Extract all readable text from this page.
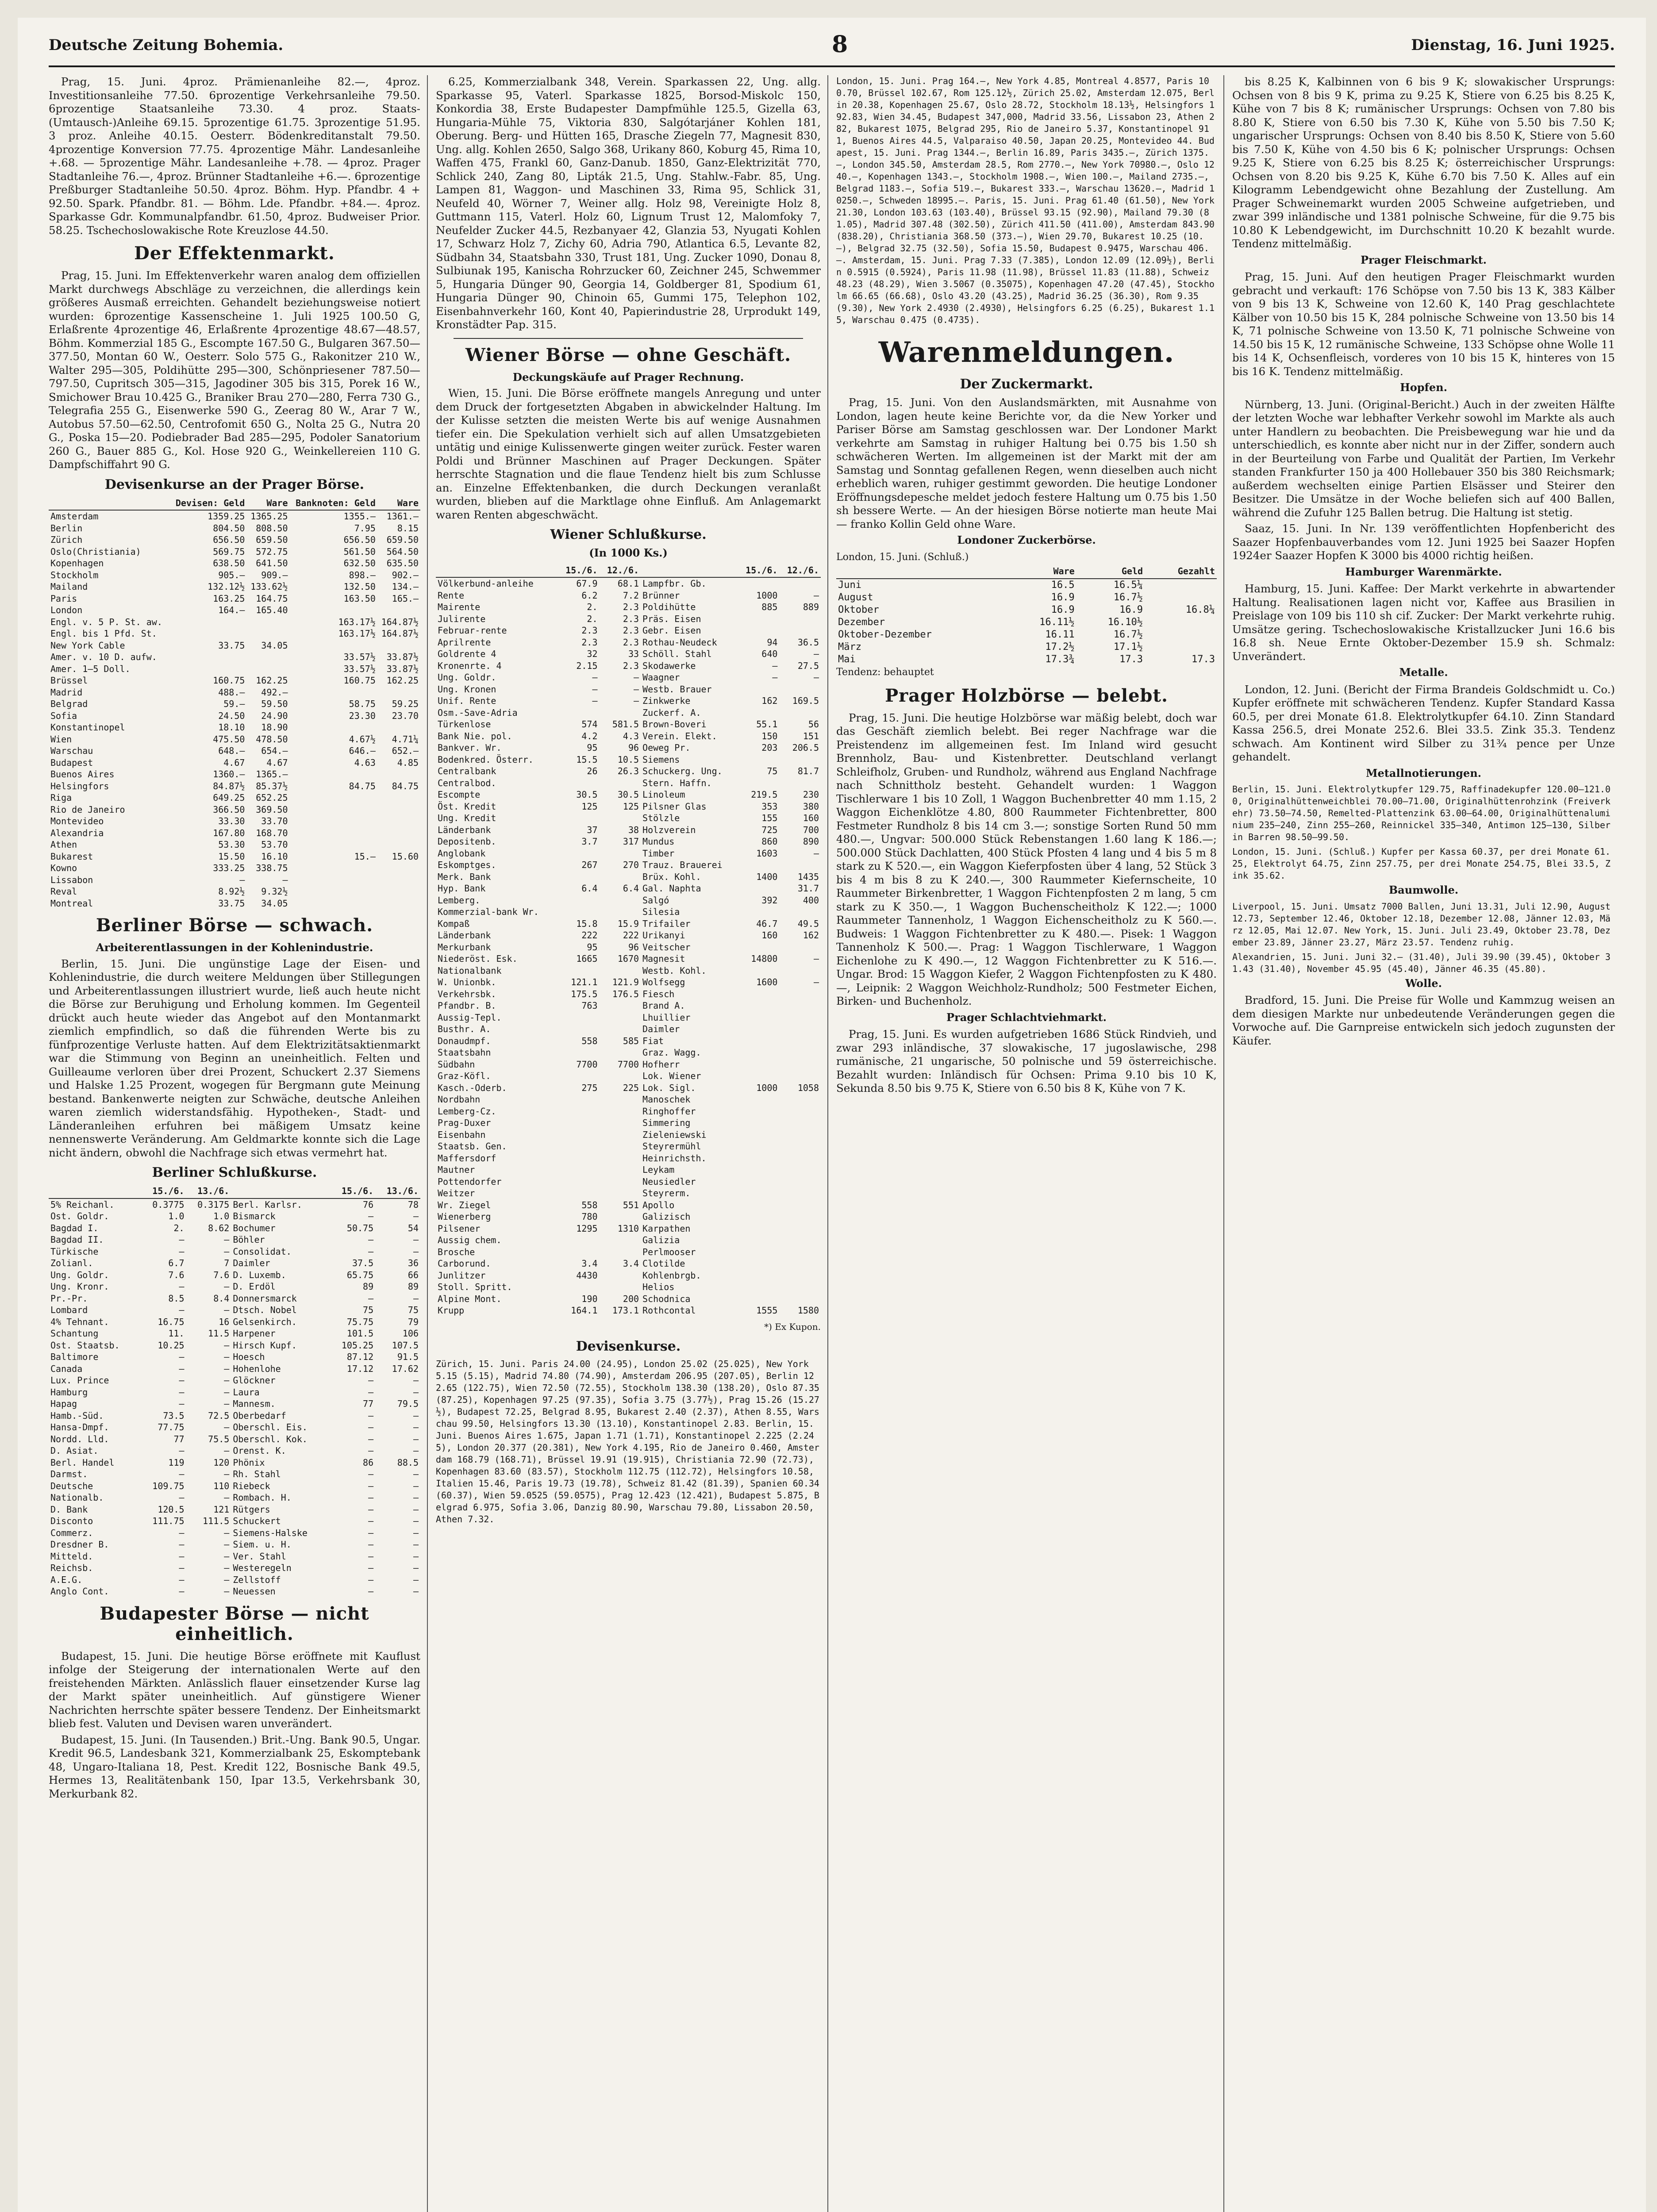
Deutsche Zeitung Bohemia.	8	Dienstag, 16. Juni 1925.

Prag, 15. Juni. 4proz. Prämienanleihe 82.—, 4proz. Investitionsanleihe 77.50. 6prozentige Verkehrsanleihe 79.50. 6prozentige Staatsanleihe 73.30. 4 proz. Staats-(Umtausch-)Anleihe 69.15. 5prozentige 61.75. 3prozentige 51.95. 3 proz. Anleihe 40.15. Oesterr. Bödenkreditanstalt 79.50. 4prozentige Konversion 77.75. 4prozentige Mähr. Landesanleihe +.68. — 5prozentige Mähr. Landesanleihe +.78. — 4proz. Prager Stadtanleihe 76.—, 4proz. Brünner Stadtanleihe +6.—. 6prozentige Preßburger Stadtanleihe 50.50. 4proz. Böhm. Hyp. Pfandbr. 4 + 92.50. Spark. Pfandbr. 81. — Böhm. Lde. Pfandbr. +84.—. 4proz. Sparkasse Gdr. Kommunalpfandbr. 61.50, 4proz. Budweiser Prior. 58.25. Tschechoslowakische Rote Kreuzlose 44.50.

Der Effektenmarkt.

Prag, 15. Juni. Im Effektenverkehr waren analog dem offiziellen Markt durchwegs Abschläge zu verzeichnen, die allerdings kein größeres Ausmaß erreichten. Gehandelt beziehungsweise notiert wurden: 6prozentige Kassenscheine 1. Juli 1925 100.50 G, Erlaßrente 4prozentige 46, Erlaßrente 4prozentige 48.67—48.57, Böhm. Kommerzial 185 G., Escompte 167.50 G., Bulgaren 367.50—377.50, Montan 60 W., Oesterr. Solo 575 G., Rakonitzer 210 W., Walter 295—305, Poldihütte 295—300, Schönpriesener 787.50—797.50, Cupritsch 305—315, Jagodiner 305 bis 315, Porek 16 W., Smichower Brau 10.425 G., Braniker Brau 270—280, Ferra 730 G., Telegrafia 255 G., Eisenwerke 590 G., Zeerag 80 W., Arar 7 W., Autobus 57.50—62.50, Centrofomit 650 G., Nolta 25 G., Nutra 20 G., Poska 15—20. Podiebrader Bad 285—295, Podoler Sanatorium 260 G., Bauer 885 G., Kol. Hose 920 G., Weinkellereien 110 G. Dampfschiffahrt 90 G.

Devisenkurse an der Prager Börse.
	Devisen: Geld	Ware	Banknoten: Geld	Ware
Amsterdam	1359.25	1365.25	1355.—	1361.—
Berlin	804.50	808.50	7.95	8.15
Zürich	656.50	659.50	656.50	659.50
Oslo(Christiania)	569.75	572.75	561.50	564.50
Kopenhagen	638.50	641.50	632.50	635.50
Stockholm	905.—	909.—	898.—	902.—
Mailand	132.12½	133.62½	132.50	134.—
Paris	163.25	164.75	163.50	165.—
London	164.—	165.40		
Engl. v. 5 P. St. aw.			163.17½	164.87½
Engl. bis 1 Pfd. St.			163.17½	164.87½
New York Cable	33.75	34.05		
Amer. v. 10 D. aufw.			33.57½	33.87½
Amer. 1—5 Doll.			33.57½	33.87½
Brüssel	160.75	162.25	160.75	162.25
Madrid	488.—	492.—		
Belgrad	59.—	59.50	58.75	59.25
Sofia	24.50	24.90	23.30	23.70
Konstantinopel	18.10	18.90		
Wien	475.50	478.50	4.67½	4.71¼
Warschau	648.—	654.—	646.—	652.—
Budapest	4.67	4.67	4.63	4.85
Buenos Aires	1360.—	1365.—		
Helsingfors	84.87½	85.37½	84.75	84.75
Riga	649.25	652.25		
Rio de Janeiro	366.50	369.50		
Montevideo	33.30	33.70		
Alexandria	167.80	168.70		
Athen	53.30	53.70		
Bukarest	15.50	16.10	15.—	15.60
Kowno	333.25	338.75		
Lissabon	—	—		
Reval	8.92½	9.32½		
Montreal	33.75	34.05		
Berliner Börse — schwach.
Arbeiterentlassungen in der Kohlenindustrie.

Berlin, 15. Juni. Die ungünstige Lage der Eisen- und Kohlenindustrie, die durch weitere Meldungen über Stillegungen und Arbeiterentlassungen illustriert wurde, ließ auch heute nicht die Börse zur Beruhigung und Erholung kommen. Im Gegenteil drückt auch heute wieder das Angebot auf den Montanmarkt ziemlich empfindlich, so daß die führenden Werte bis zu fünfprozentige Verluste hatten. Auf dem Elektrizitätsaktienmarkt war die Stimmung von Beginn an uneinheitlich. Felten und Guilleaume verloren über drei Prozent, Schuckert 2.37 Siemens und Halske 1.25 Prozent, wogegen für Bergmann gute Meinung bestand. Bankenwerte neigten zur Schwäche, deutsche Anleihen waren ziemlich widerstandsfähig. Hypotheken-, Stadt- und Länderanleihen erfuhren bei mäßigem Umsatz keine nennenswerte Veränderung. Am Geldmarkte konnte sich die Lage nicht ändern, obwohl die Nachfrage sich etwas vermehrt hat.

Berliner Schlußkurse.
	15./6.	13./6.		15./6.	13./6.
5% Reichanl.	0.3775	0.3175	Berl. Karlsr.	76	78
Ost. Goldr.	1.0	1.0	Bismarck	—	—
Bagdad I.	2.	8.62	Bochumer	50.75	54
Bagdad II.	—	—	Böhler	—	—
Türkische	—	—	Consolidat.	—	—
Zolianl.	6.7	7	Daimler	37.5	36
Ung. Goldr.	7.6	7.6	D. Luxemb.	65.75	66
Ung. Kronr.	—	—	D. Erdöl	89	89
Pr.-Pr.	8.5	8.4	Donnersmarck	—	—
Lombard	—	—	Dtsch. Nobel	75	75
4% Tehnant.	16.75	16	Gelsenkirch.	75.75	79
Schantung	11.	11.5	Harpener	101.5	106
Ost. Staatsb.	10.25	—	Hirsch Kupf.	105.25	107.5
Baltimore	—	—	Hoesch	87.12	91.5
Canada	—	—	Hohenlohe	17.12	17.62
Lux. Prince	—	—	Glöckner	—	—
Hamburg	—	—	Laura	—	—
Hapag	—	—	Mannesm.	77	79.5
Hamb.-Süd.	73.5	72.5	Oberbedarf	—	—
Hansa-Dmpf.	77.75	—	Oberschl. Eis.	—	—
Nordd. Lld.	77	75.5	Oberschl. Kok.	—	—
D. Asiat.	—	—	Orenst. K.	—	—
Berl. Handel	119	120	Phönix	86	88.5
Darmst.	—	—	Rh. Stahl	—	—
Deutsche	109.75	110	Riebeck	—	—
Nationalb.	—	—	Rombach. H.	—	—
D. Bank	120.5	121	Rütgers	—	—
Disconto	111.75	111.5	Schuckert	—	—
Commerz.	—	—	Siemens-Halske	—	—
Dresdner B.	—	—	Siem. u. H.	—	—
Mitteld.	—	—	Ver. Stahl	—	—
Reichsb.	—	—	Westeregeln	—	—
A.E.G.	—	—	Zellstoff	—	—
Anglo Cont.	—	—	Neuessen	—	—
Budapester Börse — nicht einheitlich.

Budapest, 15. Juni. Die heutige Börse eröffnete mit Kauflust infolge der Steigerung der internationalen Werte auf den freistehenden Märkten. Anlässlich flauer einsetzender Kurse lag der Markt später uneinheitlich. Auf günstigere Wiener Nachrichten herrschte später bessere Tendenz. Der Einheitsmarkt blieb fest. Valuten und Devisen waren unverändert.

Budapest, 15. Juni. (In Tausenden.) Brit.-Ung. Bank 90.5, Ungar. Kredit 96.5, Landesbank 321, Kommerzialbank 25, Eskomptebank 48, Ungaro-Italiana 18, Pest. Kredit 122, Bosnische Bank 49.5, Hermes 13, Realitätenbank 150, Ipar 13.5, Verkehrsbank 30, Merkurbank 82.

6.25, Kommerzialbank 348, Verein. Sparkassen 22, Ung. allg. Sparkasse 95, Vaterl. Sparkasse 1825, Borsod-Miskolc 150, Konkordia 38, Erste Budapester Dampfmühle 125.5, Gizella 63, Hungaria-Mühle 75, Viktoria 830, Salgótarjáner Kohlen 181, Oberung. Berg- und Hütten 165, Drasche Ziegeln 77, Magnesit 830, Ung. allg. Kohlen 2650, Salgo 368, Urikany 860, Koburg 45, Rima 10, Waffen 475, Frankl 60, Ganz-Danub. 1850, Ganz-Elektrizität 770, Schlick 240, Zang 80, Lipták 21.5, Ung. Stahlw.-Fabr. 85, Ung. Lampen 81, Waggon- und Maschinen 33, Rima 95, Schlick 31, Neufeld 40, Wörner 7, Weiner allg. Holz 98, Vereinigte Holz 8, Guttmann 115, Vaterl. Holz 60, Lignum Trust 12, Malomfoky 7, Neufelder Zucker 44.5, Rezbanyaer 42, Glanzia 53, Nyugati Kohlen 17, Schwarz Holz 7, Zichy 60, Adria 790, Atlantica 6.5, Levante 82, Südbahn 34, Staatsbahn 330, Trust 181, Ung. Zucker 1090, Donau 8, Sulbiunak 195, Kanischa Rohrzucker 60, Zeichner 245, Schwemmer 5, Hungaria Dünger 90, Georgia 14, Goldberger 81, Spodium 61, Hungaria Dünger 90, Chinoin 65, Gummi 175, Telephon 102, Eisenbahnverkehr 160, Kont 40, Papierindustrie 28, Urprodukt 149, Kronstädter Pap. 315.

Wiener Börse — ohne Geschäft.
Deckungskäufe auf Prager Rechnung.

Wien, 15. Juni. Die Börse eröffnete mangels Anregung und unter dem Druck der fortgesetzten Abgaben in abwickelnder Haltung. Im der Kulisse setzten die meisten Werte bis auf wenige Ausnahmen tiefer ein. Die Spekulation verhielt sich auf allen Umsatzgebieten untätig und einige Kulissenwerte gingen weiter zurück. Fester waren Poldi und Brünner Maschinen auf Prager Deckungen. Später herrschte Stagnation und die flaue Tendenz hielt bis zum Schlusse an. Einzelne Effektenbanken, die durch Deckungen veranlaßt wurden, blieben auf die Marktlage ohne Einfluß. Am Anlagemarkt waren Renten abgeschwächt.

Wiener Schlußkurse.
(In 1000 Ks.)
	15./6.	12./6.		15./6.	12./6.
Völkerbund-anleihe	67.9	68.1	Lampfbr. Gb.		
Rente	6.2	7.2	Brünner	1000	—
Mairente	2.	2.3	Poldihütte	885	889
Julirente	2.	2.3	Präs. Eisen		
Februar-rente	2.3	2.3	Gebr. Eisen		
Aprilrente	2.3	2.3	Rothau-Neudeck	94	36.5
Goldrente 4	32	33	Schöll. Stahl	640	—
Kronenrte. 4	2.15	2.3	Skodawerke	—	27.5
Ung. Goldr.	—	—	Waagner	—	—
Ung. Kronen	—	—	Westb. Brauer		
Unif. Rente	—	—	Zinkwerke	162	169.5
Osm.-Save-Adria			Zuckerf. A.		
Türkenlose	574	581.5	Brown-Boveri	55.1	56
Bank Nie. pol.	4.2	4.3	Verein. Elekt.	150	151
Bankver. Wr.	95	96	Oeweg Pr.	203	206.5
Bodenkred. Österr.	15.5	10.5	Siemens		
Centralbank	26	26.3	Schuckerg. Ung.	75	81.7
Centralbod.			Stern. Haffn.		
Escompte	30.5	30.5	Linoleum	219.5	230
Öst. Kredit	125	125	Pilsner Glas	353	380
Ung. Kredit			Stölzle	155	160
Länderbank	37	38	Holzverein	725	700
Depositenb.	3.7	317	Mundus	860	890
Anglobank			Timber	1603	—
Eskomptges.	267	270	Trauz. Brauerei		
Merk. Bank			Brüx. Kohl.	1400	1435
Hyp. Bank	6.4	6.4	Gal. Naphta		31.7
Lemberg.			Salgó	392	400
Kommerzial-bank Wr.			Silesia		
Kompaß	15.8	15.9	Trifailer	46.7	49.5
Länderbank	222	222	Urikanyi	160	162
Merkurbank	95	96	Veitscher		
Niederöst. Esk.	1665	1670	Magnesit	14800	—
Nationalbank			Westb. Kohl.		
W. Unionbk.	121.1	121.9	Wolfsegg	1600	—
Verkehrsbk.	175.5	176.5	Fiesch		
Pfandbr. B.	763		Brand A.		
Aussig-Tepl.			Lhuillier		
Busthr. A.			Daimler		
Donaudmpf.	558	585	Fiat		
Staatsbahn			Graz. Wagg.		
Südbahn	7700	7700	Hofherr		
Graz-Köfl.			Lok. Wiener		
Kasch.-Oderb.	275	225	Lok. Sigl.	1000	1058
Nordbahn			Manoschek		
Lemberg-Cz.			Ringhoffer		
Prag-Duxer			Simmering		
Eisenbahn			Zieleniewski		
Staatsb. Gen.			Steyrermühl		
Maffersdorf			Heinrichsth.		
Mautner			Leykam		
Pottendorfer			Neusiedler		
Weitzer			Steyrerm.		
Wr. Ziegel	558	551	Apollo		
Wienerberg	780		Galizisch		
Pilsener	1295	1310	Karpathen		
Aussig chem.			Galizia		
Brosche			Perlmooser		
Carborund.	3.4	3.4	Clotilde		
Junlitzer	4430		Kohlenbrgb.		
Stoll. Spritt.			Helios		
Alpine Mont.	190	200	Schodnica		
Krupp	164.1	173.1	Rothcontal	1555	1580
*) Ex Kupon.
Devisenkurse.
Zürich, 15. Juni. Paris 24.00 (24.95), London 25.02 (25.025), New York 5.15 (5.15), Madrid 74.80 (74.90), Amsterdam 206.95 (207.05), Berlin 122.65 (122.75), Wien 72.50 (72.55), Stockholm 138.30 (138.20), Oslo 87.35 (87.25), Kopenhagen 97.25 (97.35), Sofia 3.75 (3.77½), Prag 15.26 (15.27½), Budapest 72.25, Belgrad 8.95, Bukarest 2.40 (2.37), Athen 8.55, Warschau 99.50, Helsingfors 13.30 (13.10), Konstantinopel 2.83. Berlin, 15. Juni. Buenos Aires 1.675, Japan 1.71 (1.71), Konstantinopel 2.225 (2.245), London 20.377 (20.381), New York 4.195, Rio de Janeiro 0.460, Amsterdam 168.79 (168.71), Brüssel 19.91 (19.915), Christiania 72.90 (72.73), Kopenhagen 83.60 (83.57), Stockholm 112.75 (112.72), Helsingfors 10.58, Italien 15.46, Paris 19.73 (19.78), Schweiz 81.42 (81.39), Spanien 60.34 (60.37), Wien 59.0525 (59.0575), Prag 12.423 (12.421), Budapest 5.875, Belgrad 6.975, Sofia 3.06, Danzig 80.90, Warschau 79.80, Lissabon 20.50, Athen 7.32.
London, 15. Juni. Prag 164.—, New York 4.85, Montreal 4.8577, Paris 100.70, Brüssel 102.67, Rom 125.12½, Zürich 25.02, Amsterdam 12.075, Berlin 20.38, Kopenhagen 25.67, Oslo 28.72, Stockholm 18.13½, Helsingfors 192.83, Wien 34.45, Budapest 347,000, Madrid 33.56, Lissabon 23, Athen 282, Bukarest 1075, Belgrad 295, Rio de Janeiro 5.37, Konstantinopel 911, Buenos Aires 44.5, Valparaiso 40.50, Japan 20.25, Montevideo 44. Budapest, 15. Juni. Prag 1344.—, Berlin 16.89, Paris 3435.—, Zürich 1375.—, London 345.50, Amsterdam 28.5, Rom 2770.—, New York 70980.—, Oslo 1240.—, Kopenhagen 1343.—, Stockholm 1908.—, Wien 100.—, Mailand 2735.—, Belgrad 1183.—, Sofia 519.—, Bukarest 333.—, Warschau 13620.—, Madrid 10250.—, Schweden 18995.—. Paris, 15. Juni. Prag 61.40 (61.50), New York 21.30, London 103.63 (103.40), Brüssel 93.15 (92.90), Mailand 79.30 (81.05), Madrid 307.48 (302.50), Zürich 411.50 (411.00), Amsterdam 843.90 (838.20), Christiania 368.50 (373.—), Wien 29.70, Bukarest 10.25 (10.—), Belgrad 32.75 (32.50), Sofia 15.50, Budapest 0.9475, Warschau 406.—. Amsterdam, 15. Juni. Prag 7.33 (7.385), London 12.09 (12.09½), Berlin 0.5915 (0.5924), Paris 11.98 (11.98), Brüssel 11.83 (11.88), Schweiz 48.23 (48.29), Wien 3.5067 (0.35075), Kopenhagen 47.20 (47.45), Stockholm 66.65 (66.68), Oslo 43.20 (43.25), Madrid 36.25 (36.30), Rom 9.35 (9.30), New York 2.4930 (2.4930), Helsingfors 6.25 (6.25), Bukarest 1.15, Warschau 0.475 (0.4735).
Warenmeldungen.
Der Zuckermarkt.

Prag, 15. Juni. Von den Auslandsmärkten, mit Ausnahme von London, lagen heute keine Berichte vor, da die New Yorker und Pariser Börse am Samstag geschlossen war. Der Londoner Markt verkehrte am Samstag in ruhiger Haltung bei 0.75 bis 1.50 sh schwächeren Werten. Im allgemeinen ist der Markt mit der am Samstag und Sonntag gefallenen Regen, wenn dieselben auch nicht erheblich waren, ruhiger gestimmt geworden. Die heutige Londoner Eröffnungsdepesche meldet jedoch festere Haltung um 0.75 bis 1.50 sh bessere Werte. — An der hiesigen Börse notierte man heute Mai — franko Kollin Geld ohne Ware.

Londoner Zuckerbörse.
London, 15. Juni. (Schluß.)
	Ware	Geld	Gezahlt
Juni	16.5	16.5¼	
August	16.9	16.7½	
Oktober	16.9	16.9	16.8¼
Dezember	16.11½	16.10½	
Oktober-Dezember	16.11	16.7½	
März	17.2½	17.1½	
Mai	17.3¾	17.3	17.3
Tendenz: behauptet
Prager Holzbörse — belebt.

Prag, 15. Juni. Die heutige Holzbörse war mäßig belebt, doch war das Geschäft ziemlich belebt. Bei reger Nachfrage war die Preistendenz im allgemeinen fest. Im Inland wird gesucht Brennholz, Bau- und Kistenbretter. Deutschland verlangt Schleifholz, Gruben- und Rundholz, während aus England Nachfrage nach Schnittholz besteht. Gehandelt wurden: 1 Waggon Tischlerware 1 bis 10 Zoll, 1 Waggon Buchenbretter 40 mm 1.15, 2 Waggon Eichenklötze 4.80, 800 Raummeter Fichtenbretter, 800 Festmeter Rundholz 8 bis 14 cm 3.—; sonstige Sorten Rund 50 mm 480.—, Ungvar: 500.000 Stück Rebenstangen 1.60 lang K 186.—; 500.000 Stück Dachlatten, 400 Stück Pfosten 4 lang und 4 bis 5 m 8 stark zu K 520.—, ein Waggon Kieferpfosten über 4 lang, 52 Stück 3 bis 4 m bis 8 zu K 240.—, 300 Raummeter Kiefernscheite, 10 Raummeter Birkenbretter, 1 Waggon Fichtenpfosten 2 m lang, 5 cm stark zu K 350.—, 1 Waggon Buchenscheitholz K 122.—; 1000 Raummeter Tannenholz, 1 Waggon Eichenscheitholz zu K 560.—. Budweis: 1 Waggon Fichtenbretter zu K 480.—. Pisek: 1 Waggon Tannenholz K 500.—. Prag: 1 Waggon Tischlerware, 1 Waggon Eichenlohe zu K 490.—, 12 Waggon Fichtenbretter zu K 516.—. Ungar. Brod: 15 Waggon Kiefer, 2 Waggon Fichtenpfosten zu K 480.—, Leipnik: 2 Waggon Weichholz-Rundholz; 500 Festmeter Eichen, Birken- und Buchenholz.

Prager Schlachtviehmarkt.

Prag, 15. Juni. Es wurden aufgetrieben 1686 Stück Rindvieh, und zwar 293 inländische, 37 slowakische, 17 jugoslawische, 298 rumänische, 21 ungarische, 50 polnische und 59 österreichische. Bezahlt wurden: Inländisch für Ochsen: Prima 9.10 bis 10 K, Sekunda 8.50 bis 9.75 K, Stiere von 6.50 bis 8 K, Kühe von 7 K.

bis 8.25 K, Kalbinnen von 6 bis 9 K; slowakischer Ursprungs: Ochsen von 8 bis 9 K, prima zu 9.25 K, Stiere von 6.25 bis 8.25 K, Kühe von 7 bis 8 K; rumänischer Ursprungs: Ochsen von 7.80 bis 8.80 K, Stiere von 6.50 bis 7.30 K, Kühe von 5.50 bis 7.50 K; ungarischer Ursprungs: Ochsen von 8.40 bis 8.50 K, Stiere von 5.60 bis 7.50 K, Kühe von 4.50 bis 6 K; polnischer Ursprungs: Ochsen 9.25 K, Stiere von 6.25 bis 8.25 K; österreichischer Ursprungs: Ochsen von 8.20 bis 9.25 K, Kühe 6.70 bis 7.50 K. Alles auf ein Kilogramm Lebendgewicht ohne Bezahlung der Zustellung. Am Prager Schweinemarkt wurden 2005 Schweine aufgetrieben, und zwar 399 inländische und 1381 polnische Schweine, für die 9.75 bis 10.80 K Lebendgewicht, im Durchschnitt 10.20 K bezahlt wurde. Tendenz mittelmäßig.

Prager Fleischmarkt.

Prag, 15. Juni. Auf den heutigen Prager Fleischmarkt wurden gebracht und verkauft: 176 Schöpse von 7.50 bis 13 K, 383 Kälber von 9 bis 13 K, Schweine von 12.60 K, 140 Prag geschlachtete Kälber von 10.50 bis 15 K, 284 polnische Schweine von 13.50 bis 14 K, 71 polnische Schweine von 13.50 K, 71 polnische Schweine von 14.50 bis 15 K, 12 rumänische Schweine, 133 Schöpse ohne Wolle 11 bis 14 K, Ochsenfleisch, vorderes von 10 bis 15 K, hinteres von 15 bis 16 K. Tendenz mittelmäßig.

Hopfen.

Nürnberg, 13. Juni. (Original-Bericht.) Auch in der zweiten Hälfte der letzten Woche war lebhafter Verkehr sowohl im Markte als auch unter Handlern zu beobachten. Die Preisbewegung war hie und da unterschiedlich, es konnte aber nicht nur in der Ziffer, sondern auch in der Beurteilung von Farbe und Qualität der Partien, Im Verkehr standen Frankfurter 150 ja 400 Hollebauer 350 bis 380 Reichsmark; außerdem wechselten einige Partien Elsässer und Steirer den Besitzer. Die Umsätze in der Woche beliefen sich auf 400 Ballen, während die Zufuhr 125 Ballen betrug. Die Haltung ist stetig.

Saaz, 15. Juni. In Nr. 139 veröffentlichten Hopfenbericht des Saazer Hopfenbauverbandes vom 12. Juni 1925 bei Saazer Hopfen 1924er Saazer Hopfen K 3000 bis 4000 richtig heißen.

Hamburger Warenmärkte.

Hamburg, 15. Juni. Kaffee: Der Markt verkehrte in abwartender Haltung. Realisationen lagen nicht vor, Kaffee aus Brasilien in Preislage von 109 bis 110 sh cif. Zucker: Der Markt verkehrte ruhig. Umsätze gering. Tschechoslowakische Kristallzucker Juni 16.6 bis 16.8 sh. Neue Ernte Oktober-Dezember 15.9 sh. Schmalz: Unverändert.

Metalle.

London, 12. Juni. (Bericht der Firma Brandeis Goldschmidt u. Co.) Kupfer eröffnete mit schwächeren Tendenz. Kupfer Standard Kassa 60.5, per drei Monate 61.8. Elektrolytkupfer 64.10. Zinn Standard Kassa 256.5, drei Monate 252.6. Blei 33.5. Zink 35.3. Tendenz schwach. Am Kontinent wird Silber zu 31¾ pence per Unze gehandelt.

Metallnotierungen.
Berlin, 15. Juni. Elektrolytkupfer 129.75, Raffinadekupfer 120.00—121.00, Originalhüttenweichblei 70.00—71.00, Originalhüttenrohzink (Freiverkehr) 73.50—74.50, Remelted-Plattenzink 63.00—64.00, Originalhüttenaluminium 235—240, Zinn 255—260, Reinnickel 335—340, Antimon 125—130, Silber in Barren 98.50—99.50.
London, 15. Juni. (Schluß.) Kupfer per Kassa 60.37, per drei Monate 61.25, Elektrolyt 64.75, Zinn 257.75, per drei Monate 254.75, Blei 33.5, Zink 35.62.
Baumwolle.
Liverpool, 15. Juni. Umsatz 7000 Ballen, Juni 13.31, Juli 12.90, August 12.73, September 12.46, Oktober 12.18, Dezember 12.08, Jänner 12.03, März 12.05, Mai 12.07. New York, 15. Juni. Juli 23.49, Oktober 23.78, Dezember 23.89, Jänner 23.27, März 23.57. Tendenz ruhig.
Alexandrien, 15. Juni. Juni 32.— (31.40), Juli 39.90 (39.45), Oktober 31.43 (31.40), November 45.95 (45.40), Jänner 46.35 (45.80).
Wolle.

Bradford, 15. Juni. Die Preise für Wolle und Kammzug weisen an dem diesigen Markte nur unbedeutende Veränderungen gegen die Vorwoche auf. Die Garnpreise entwickeln sich jedoch zugunsten der Käufer.
